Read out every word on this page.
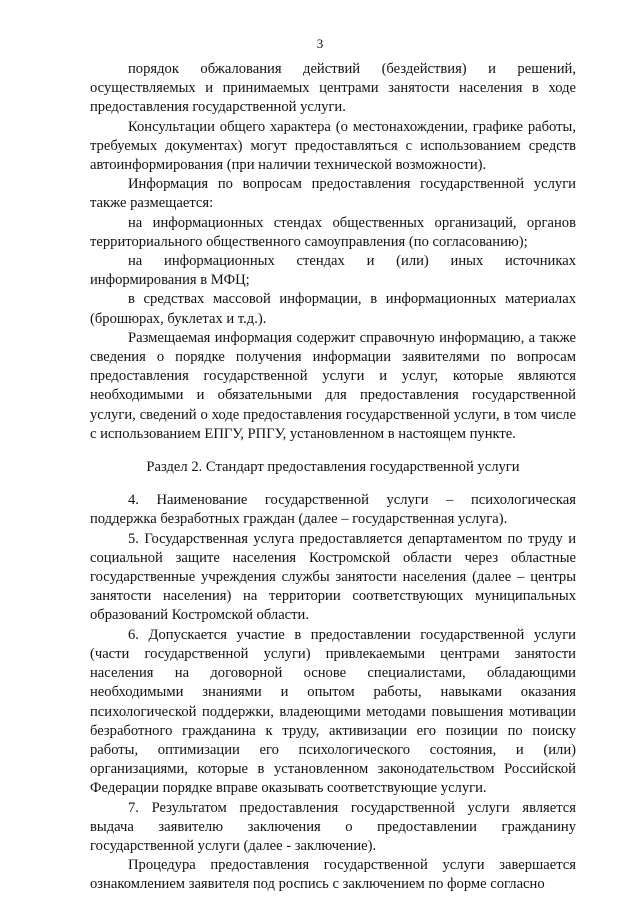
3

порядок обжалования действий (бездействия) и решений, осуществляемых и принимаемых центрами занятости населения в ходе предоставления государственной услуги.

Консультации общего характера (о местонахождении, графике работы, требуемых документах) могут предоставляться с использованием средств автоинформирования (при наличии технической возможности).

Информация по вопросам предоставления государственной услуги также размещается:

на информационных стендах общественных организаций, органов территориального общественного самоуправления (по согласованию);

на информационных стендах и (или) иных источниках информирования в МФЦ;

в средствах массовой информации, в информационных материалах (брошюрах, буклетах и т.д.).

Размещаемая информация содержит справочную информацию, а также сведения о порядке получения информации заявителями по вопросам предоставления государственной услуги и услуг, которые являются необходимыми и обязательными для предоставления государственной услуги, сведений о ходе предоставления государственной услуги, в том числе с использованием ЕПГУ, РПГУ, установленном в настоящем пункте.

Раздел 2. Стандарт предоставления государственной услуги

4. Наименование государственной услуги – психологическая поддержка безработных граждан (далее – государственная услуга).

5. Государственная услуга предоставляется департаментом по труду и социальной защите населения Костромской области через областные государственные учреждения службы занятости населения (далее – центры занятости населения) на территории соответствующих муниципальных образований Костромской области.

6. Допускается участие в предоставлении государственной услуги (части государственной услуги) привлекаемыми центрами занятости населения на договорной основе специалистами, обладающими необходимыми знаниями и опытом работы, навыками оказания психологической поддержки, владеющими методами повышения мотивации безработного гражданина к труду, активизации его позиции по поиску работы, оптимизации его психологического состояния, и (или) организациями, которые в установленном законодательством Российской Федерации порядке вправе оказывать соответствующие услуги.

7. Результатом предоставления государственной услуги является выдача заявителю заключения о предоставлении гражданину государственной услуги (далее - заключение).

Процедура предоставления государственной услуги завершается ознакомлением заявителя под роспись с заключением по форме согласно
